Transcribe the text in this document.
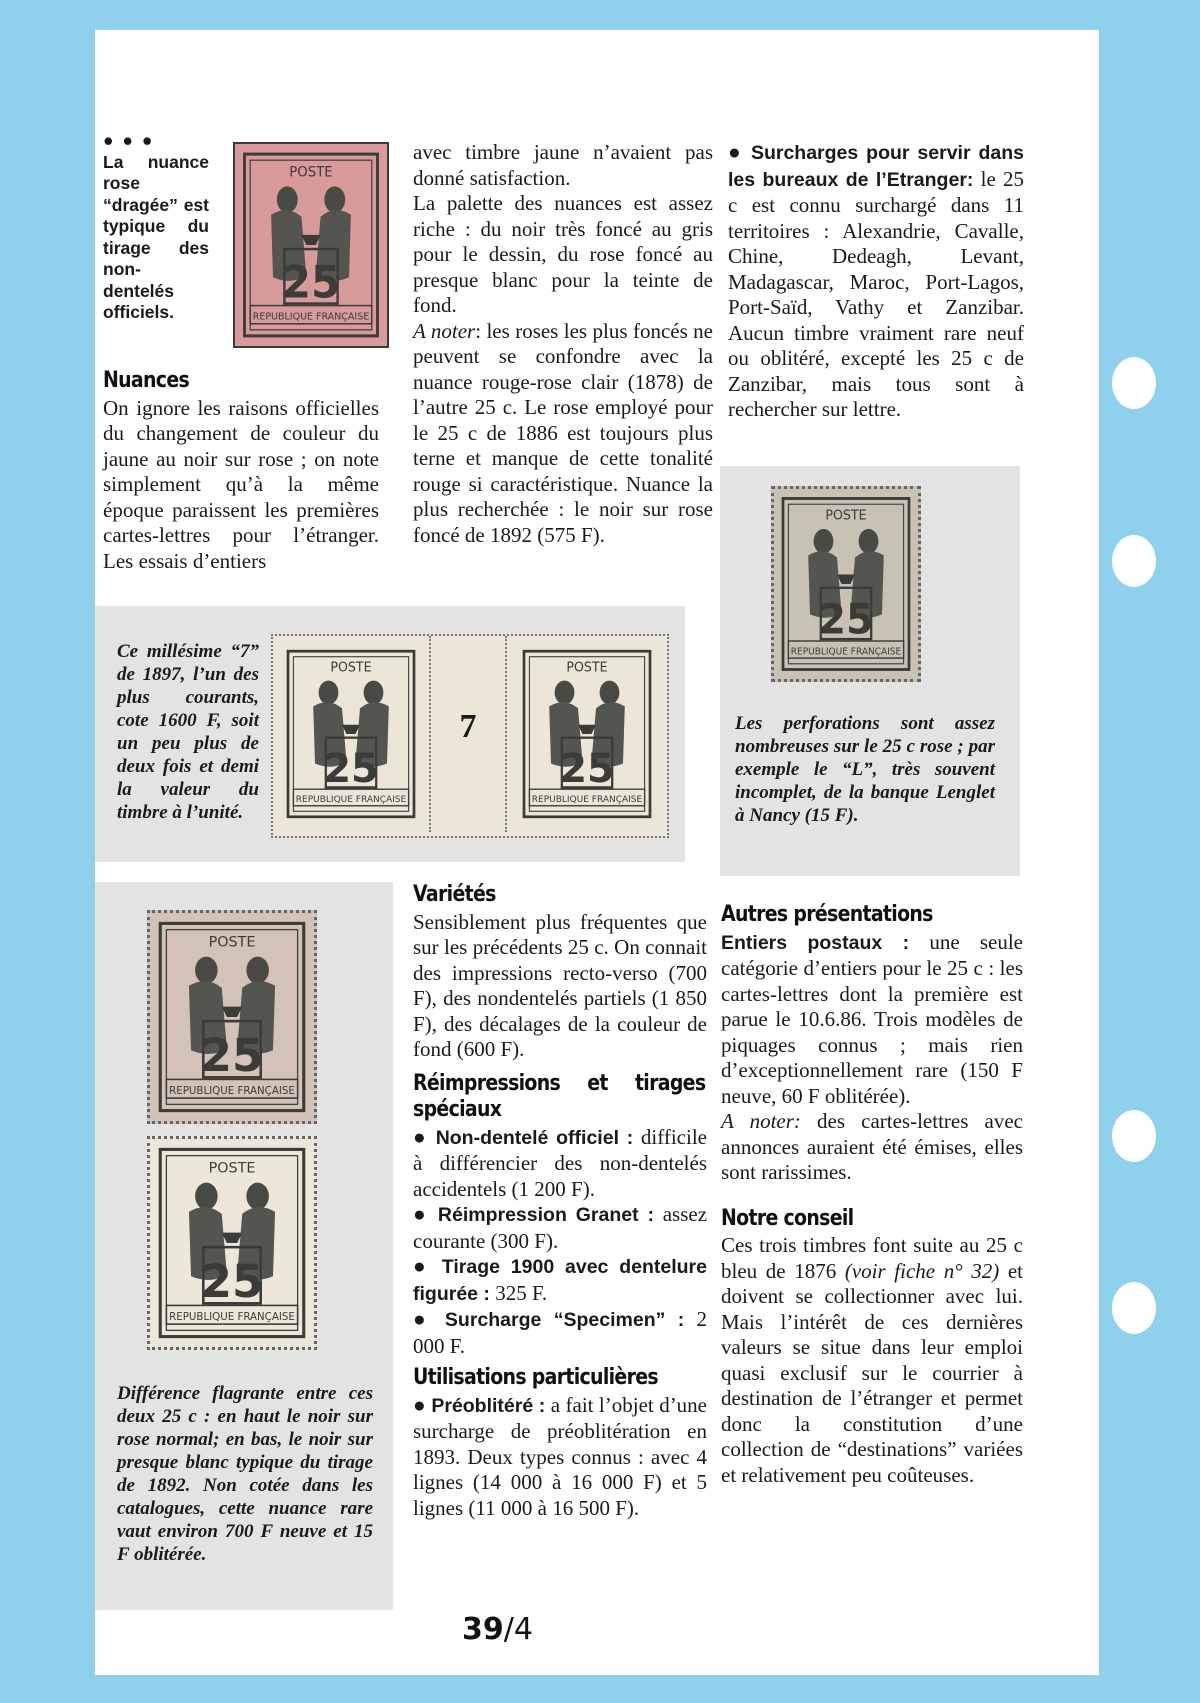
● ● ●
La nuance rose “dragée” est typique du tirage des non-dentelés officiels.
POSTE
25
REPUBLIQUE FRANÇAISE
Nuances

On ignore les raisons officielles du changement de couleur du jaune au noir sur rose ; on note simplement qu’à la même époque paraissent les premières cartes-lettres pour l’étranger. Les essais d’entiers

avec timbre jaune n’avaient pas donné satisfaction.

La palette des nuances est assez riche : du noir très foncé au gris pour le dessin, du rose foncé au presque blanc pour la teinte de fond.

A noter: les roses les plus foncés ne peuvent se confondre avec la nuance rouge-rose clair (1878) de l’autre 25 c. Le rose employé pour le 25 c de 1886 est toujours plus terne et manque de cette tonalité rouge si caractéristique. Nuance la plus recherchée : le noir sur rose foncé de 1892 (575 F).

● Surcharges pour servir dans les bureaux de l’Etranger: le 25 c est connu surchargé dans 11 territoires : Alexandrie, Cavalle, Chine, Dedeagh, Levant, Madagascar, Maroc, Port-Lagos, Port-Saïd, Vathy et Zanzibar. Aucun timbre vraiment rare neuf ou oblitéré, excepté les 25 c de Zanzibar, mais tous sont à rechercher sur lettre.

POSTE
25
REPUBLIQUE FRANÇAISE
Les perforations sont assez nombreuses sur le 25 c rose ; par exemple le “L”, très souvent incomplet, de la banque Lenglet à Nancy (15 F).
Ce millésime “7” de 1897, l’un des plus courants, cote 1600 F, soit un peu plus de deux fois et demi la valeur du timbre à l’unité.
POSTE
25
REPUBLIQUE FRANÇAISE
7
POSTE
25
REPUBLIQUE FRANÇAISE
POSTE
25
REPUBLIQUE FRANÇAISE
POSTE
25
REPUBLIQUE FRANÇAISE
Différence flagrante entre ces deux 25 c : en haut le noir sur rose normal; en bas, le noir sur presque blanc typique du tirage de 1892. Non cotée dans les catalogues, cette nuance rare vaut environ 700 F neuve et 15 F oblitérée.
Variétés

Sensiblement plus fréquentes que sur les précédents 25 c. On connait des impressions recto-verso (700 F), des nondentelés partiels (1 850 F), des décalages de la couleur de fond (600 F).

Réimpressions et tirages spéciaux

● Non-dentelé officiel : difficile à différencier des non-dentelés accidentels (1 200 F).

● Réimpression Granet : assez courante (300 F).

● Tirage 1900 avec dentelure figurée : 325 F.

● Surcharge “Specimen” : 2 000 F.

Utilisations particulières

● Préoblitéré : a fait l’objet d’une surcharge de préoblitération en 1893. Deux types connus : avec 4 lignes (14 000 à 16 000 F) et 5 lignes (11 000 à 16 500 F).

Autres présentations

Entiers postaux : une seule catégorie d’entiers pour le 25 c : les cartes-lettres dont la première est parue le 10.6.86. Trois modèles de piquages connus ; mais rien d’exceptionnellement rare (150 F neuve, 60 F oblitérée).

A noter: des cartes-lettres avec annonces auraient été émises, elles sont rarissimes.

Notre conseil

Ces trois timbres font suite au 25 c bleu de 1876 (voir fiche n° 32) et doivent se collectionner avec lui. Mais l’intérêt de ces dernières valeurs se situe dans leur emploi quasi exclusif sur le courrier à destination de l’étranger et permet donc la constitution d’une collection de “destinations” variées et relativement peu coûteuses.

39/4
